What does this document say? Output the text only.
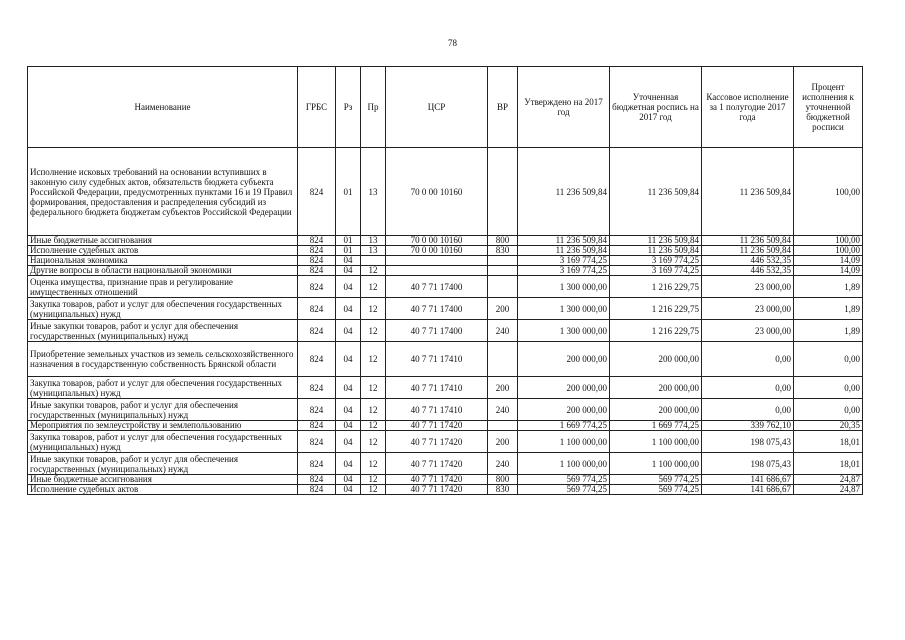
78
Наименование	ГРБС	Рз	Пр	ЦСР	ВР	Утверждено на 2017 год	Уточненная бюджетная роспись на 2017 год	Кассовое исполнение за 1 полугодие 2017 года	Процент исполнения к уточненной бюджетной росписи
Исполнение исковых требований на основании вступивших в законную силу судебных актов, обязательств бюджета субъекта Российской Федерации, предусмотренных пунктами 16 и 19 Правил формирования, предоставления и распределения субсидий из федерального бюджета бюджетам субъектов Российской Федерации	824	01	13	70 0 00 10160		11 236 509,84	11 236 509,84	11 236 509,84	100,00
Иные бюджетные ассигнования	824	01	13	70 0 00 10160	800	11 236 509,84	11 236 509,84	11 236 509,84	100,00
Исполнение судебных актов	824	01	13	70 0 00 10160	830	11 236 509,84	11 236 509,84	11 236 509,84	100,00
Национальная экономика	824	04				3 169 774,25	3 169 774,25	446 532,35	14,09
Другие вопросы в области национальной экономики	824	04	12			3 169 774,25	3 169 774,25	446 532,35	14,09
Оценка имущества, признание прав и регулирование имущественных отношений	824	04	12	40 7 71 17400		1 300 000,00	1 216 229,75	23 000,00	1,89
Закупка товаров, работ и услуг для обеспечения государственных (муниципальных) нужд	824	04	12	40 7 71 17400	200	1 300 000,00	1 216 229,75	23 000,00	1,89
Иные закупки товаров, работ и услуг для обеспечения государственных (муниципальных) нужд	824	04	12	40 7 71 17400	240	1 300 000,00	1 216 229,75	23 000,00	1,89
Приобретение земельных участков из земель сельскохозяйственного назначения в государственную собственность Брянской области	824	04	12	40 7 71 17410		200 000,00	200 000,00	0,00	0,00
Закупка товаров, работ и услуг для обеспечения государственных (муниципальных) нужд	824	04	12	40 7 71 17410	200	200 000,00	200 000,00	0,00	0,00
Иные закупки товаров, работ и услуг для обеспечения государственных (муниципальных) нужд	824	04	12	40 7 71 17410	240	200 000,00	200 000,00	0,00	0,00
Мероприятия по землеустройству и землепользованию	824	04	12	40 7 71 17420		1 669 774,25	1 669 774,25	339 762,10	20,35
Закупка товаров, работ и услуг для обеспечения государственных (муниципальных) нужд	824	04	12	40 7 71 17420	200	1 100 000,00	1 100 000,00	198 075,43	18,01
Иные закупки товаров, работ и услуг для обеспечения государственных (муниципальных) нужд	824	04	12	40 7 71 17420	240	1 100 000,00	1 100 000,00	198 075,43	18,01
Иные бюджетные ассигнования	824	04	12	40 7 71 17420	800	569 774,25	569 774,25	141 686,67	24,87
Исполнение судебных актов	824	04	12	40 7 71 17420	830	569 774,25	569 774,25	141 686,67	24,87
